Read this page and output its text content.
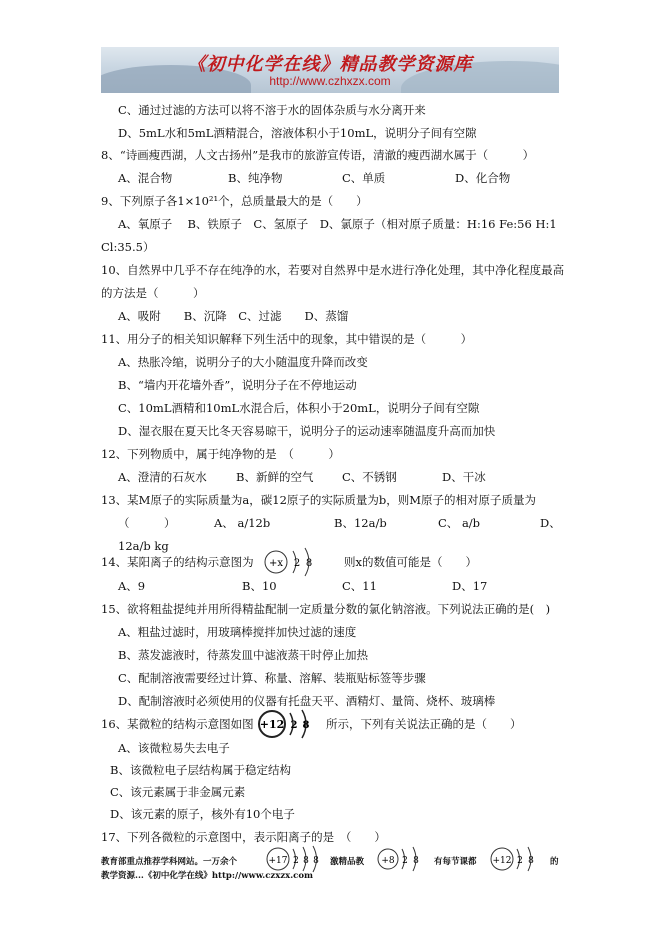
《初中化学在线》精品教学资源库
http://www.czhxzx.com
C、通过过滤的方法可以将不溶于水的固体杂质与水分离开来
D、5mL水和5mL酒精混合，溶液体积小于10mL，说明分子间有空隙
8、“诗画瘦西湖，人文古扬州”是我市的旅游宣传语，清澈的瘦西湖水属于（　　　）
A、混合物	B、纯净物	C、单质	D、化合物
9、下列原子各1×10²¹个，总质量最大的是（　　）
A、氧原子　 B、铁原子　C、氢原子　D、氯原子（相对原子质量：H:16 Fe:56 H:1
Cl:35.5）
10、自然界中几乎不存在纯净的水，若要对自然界中是水进行净化处理，其中净化程度最高
的方法是（　　　）
A、吸附　　B、沉降　C、过滤　　D、蒸馏
11、用分子的相关知识解释下列生活中的现象，其中错误的是（　　　）
A、热胀冷缩，说明分子的大小随温度升降而改变
B、“墙内开花墙外香”，说明分子在不停地运动
C、10mL酒精和10mL水混合后，体积小于20mL，说明分子间有空隙
D、湿衣服在夏天比冬天容易晾干，说明分子的运动速率随温度升高而加快
12、下列物质中，属于纯净物的是　（　　　）
A、澄清的石灰水	B、新鲜的空气 C、不锈钢	D、干冰
13、某M原子的实际质量为a，碳12原子的实际质量为b，则M原子的相对原子质量为
（　　　）	A、 a/12b	B、12a/b	C、 a/b	D、
12a/b kg
14、某阳离子的结构示意图为 +x 2 8	则x的数值可能是（　　）
A、9	B、10	C、11	D、17
15、欲将粗盐提纯并用所得精盐配制一定质量分数的氯化钠溶液。下列说法正确的是(　)
A、粗盐过滤时，用玻璃棒搅拌加快过滤的速度
B、蒸发滤液时，待蒸发皿中滤液蒸干时停止加热
C、配制溶液需要经过计算、称量、溶解、装瓶贴标签等步骤
D、配制溶液时必须使用的仪器有托盘天平、酒精灯、量筒、烧杯、玻璃棒
16、某微粒的结构示意图如图 +12 2 8 所示，下列有关说法正确的是（　　）
A、该微粒易失去电子
B、该微粒电子层结构属于稳定结构
C、该元素属于非金属元素
D、该元素的原子，核外有10个电子
17、下列各微粒的示意图中，表示阳离子的是　（　　）
教育部重点推荐学科网站。一万余个	+17 2 8 8 激精品教 +8 2 8 有每节课都 +12 2 8 的
教学资源...《初中化学在线》http://www.czxzx.com
